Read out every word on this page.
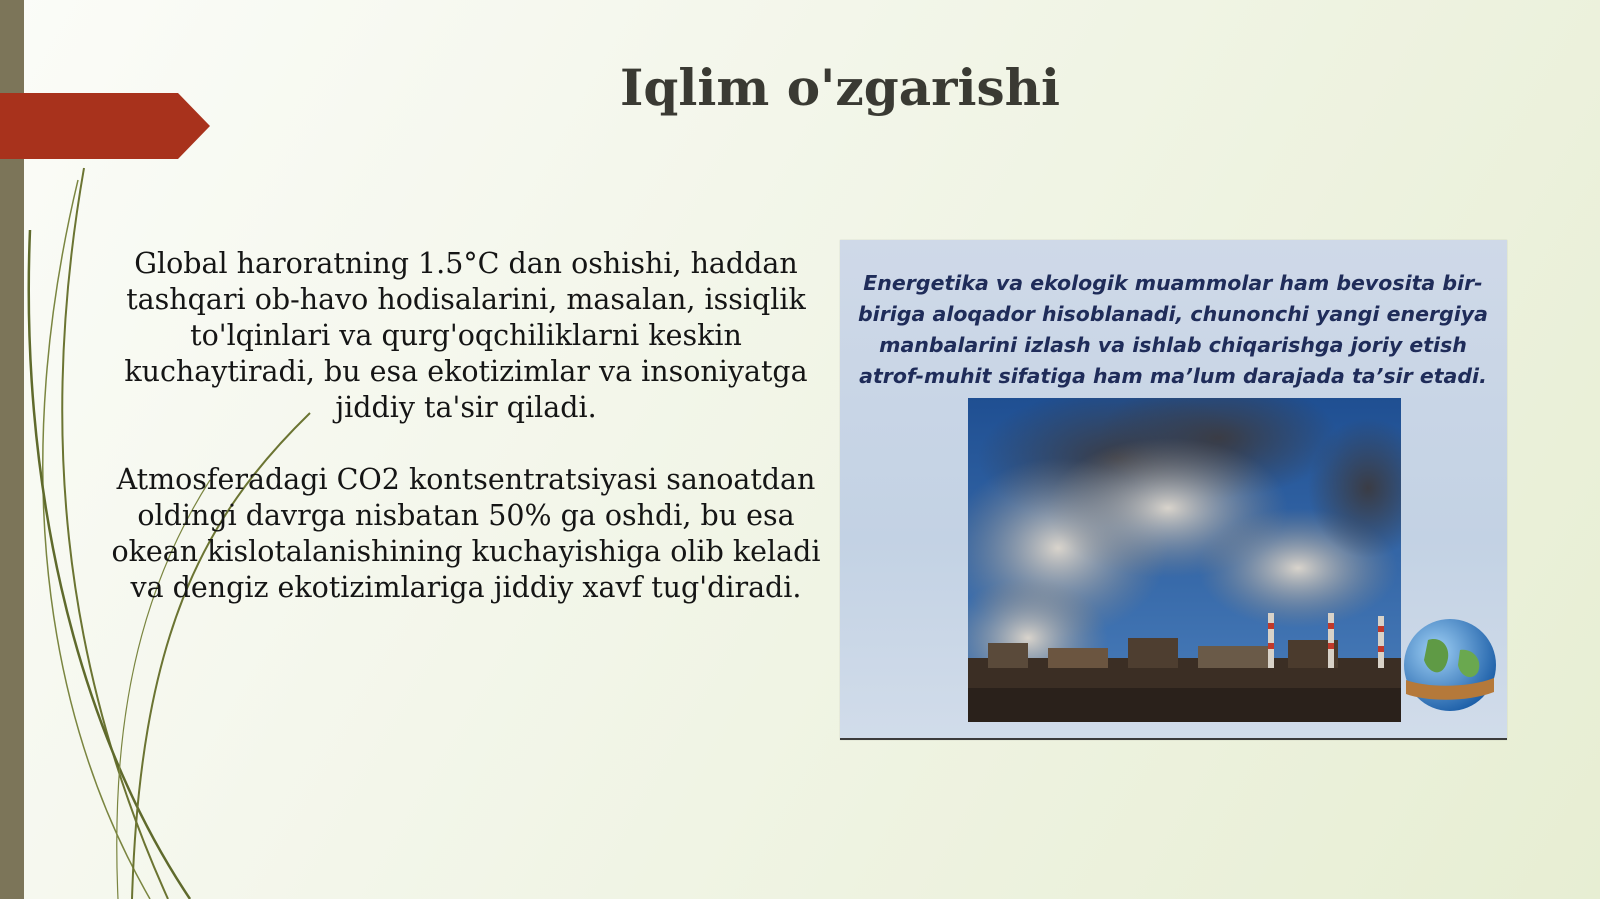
Iqlim o'zgarishi

Global haroratning 1.5°C dan oshishi, haddan tashqari ob-havo hodisalarini, masalan, issiqlik to'lqinlari va qurg'oqchiliklarni keskin kuchaytiradi, bu esa ekotizimlar va insoniyatga jiddiy ta'sir qiladi.

Atmosferadagi CO2 kontsentratsiyasi sanoatdan oldingi davrga nisbatan 50% ga oshdi, bu esa okean kislotalanishining kuchayishiga olib keladi va dengiz ekotizimlariga jiddiy xavf tug'diradi.

Energetika va ekologik muammolar ham bevosita bir-biriga aloqador hisoblanadi, chunonchi yangi energiya manbalarini izlash va ishlab chiqarishga joriy etish atrof-muhit sifatiga ham ma’lum darajada ta’sir etadi.
